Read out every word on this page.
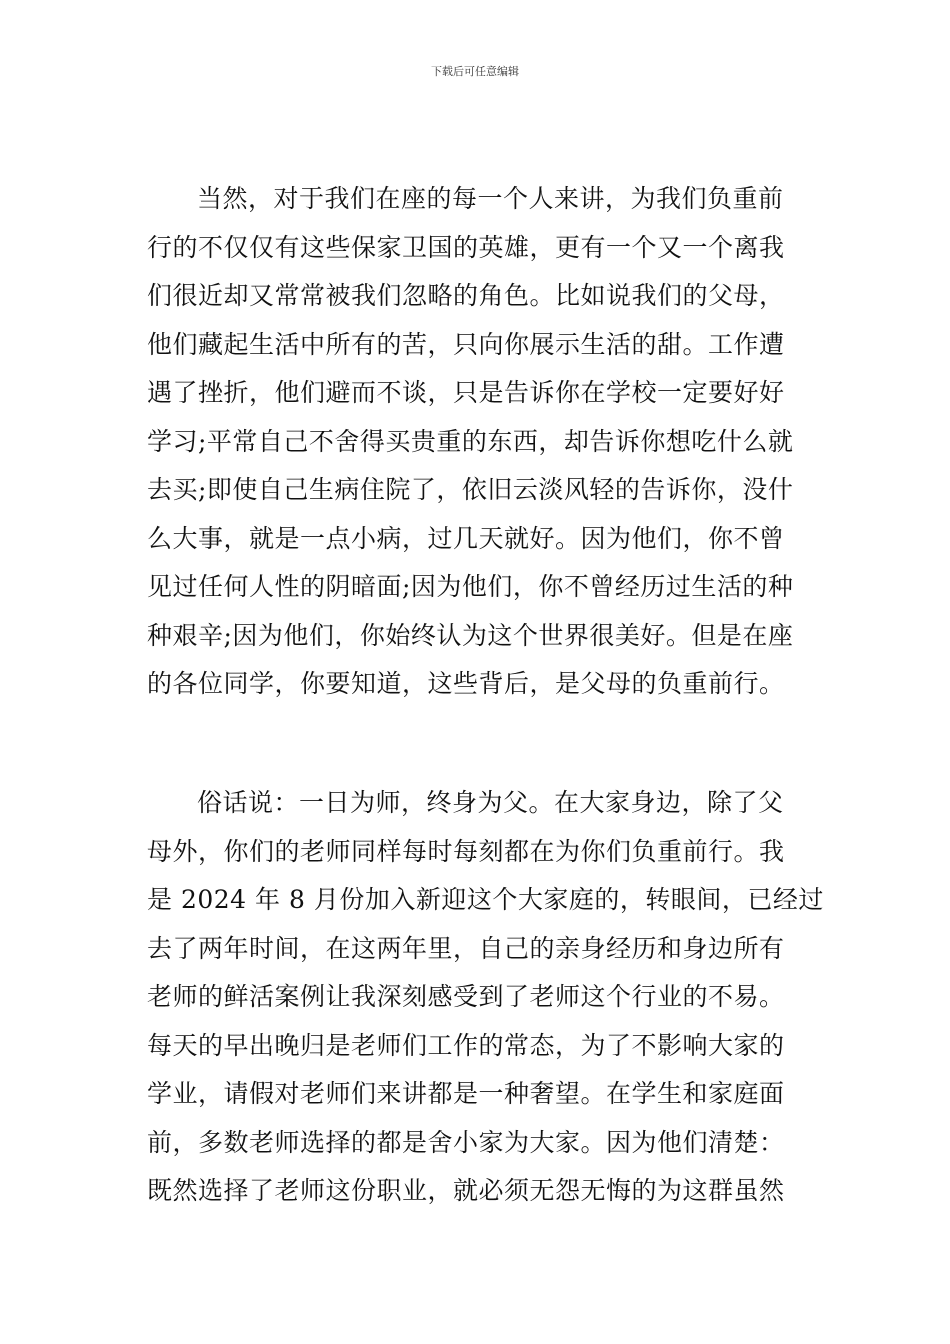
下载后可任意编辑
当然，对于我们在座的每一个人来讲，为我们负重前
行的不仅仅有这些保家卫国的英雄，更有一个又一个离我
们很近却又常常被我们忽略的角色。比如说我们的父母，
他们藏起生活中所有的苦，只向你展示生活的甜。工作遭
遇了挫折，他们避而不谈，只是告诉你在学校一定要好好
学习;平常自己不舍得买贵重的东西，却告诉你想吃什么就
去买;即使自己生病住院了，依旧云淡风轻的告诉你，没什
么大事，就是一点小病，过几天就好。因为他们，你不曾
见过任何人性的阴暗面;因为他们，你不曾经历过生活的种
种艰辛;因为他们，你始终认为这个世界很美好。但是在座
的各位同学，你要知道，这些背后，是父母的负重前行。
俗话说：一日为师，终身为父。在大家身边，除了父
母外，你们的老师同样每时每刻都在为你们负重前行。我
是 2024 年 8 月份加入新迎这个大家庭的，转眼间，已经过
去了两年时间，在这两年里，自己的亲身经历和身边所有
老师的鲜活案例让我深刻感受到了老师这个行业的不易。
每天的早出晚归是老师们工作的常态，为了不影响大家的
学业，请假对老师们来讲都是一种奢望。在学生和家庭面
前，多数老师选择的都是舍小家为大家。因为他们清楚：
既然选择了老师这份职业，就必须无怨无悔的为这群虽然
